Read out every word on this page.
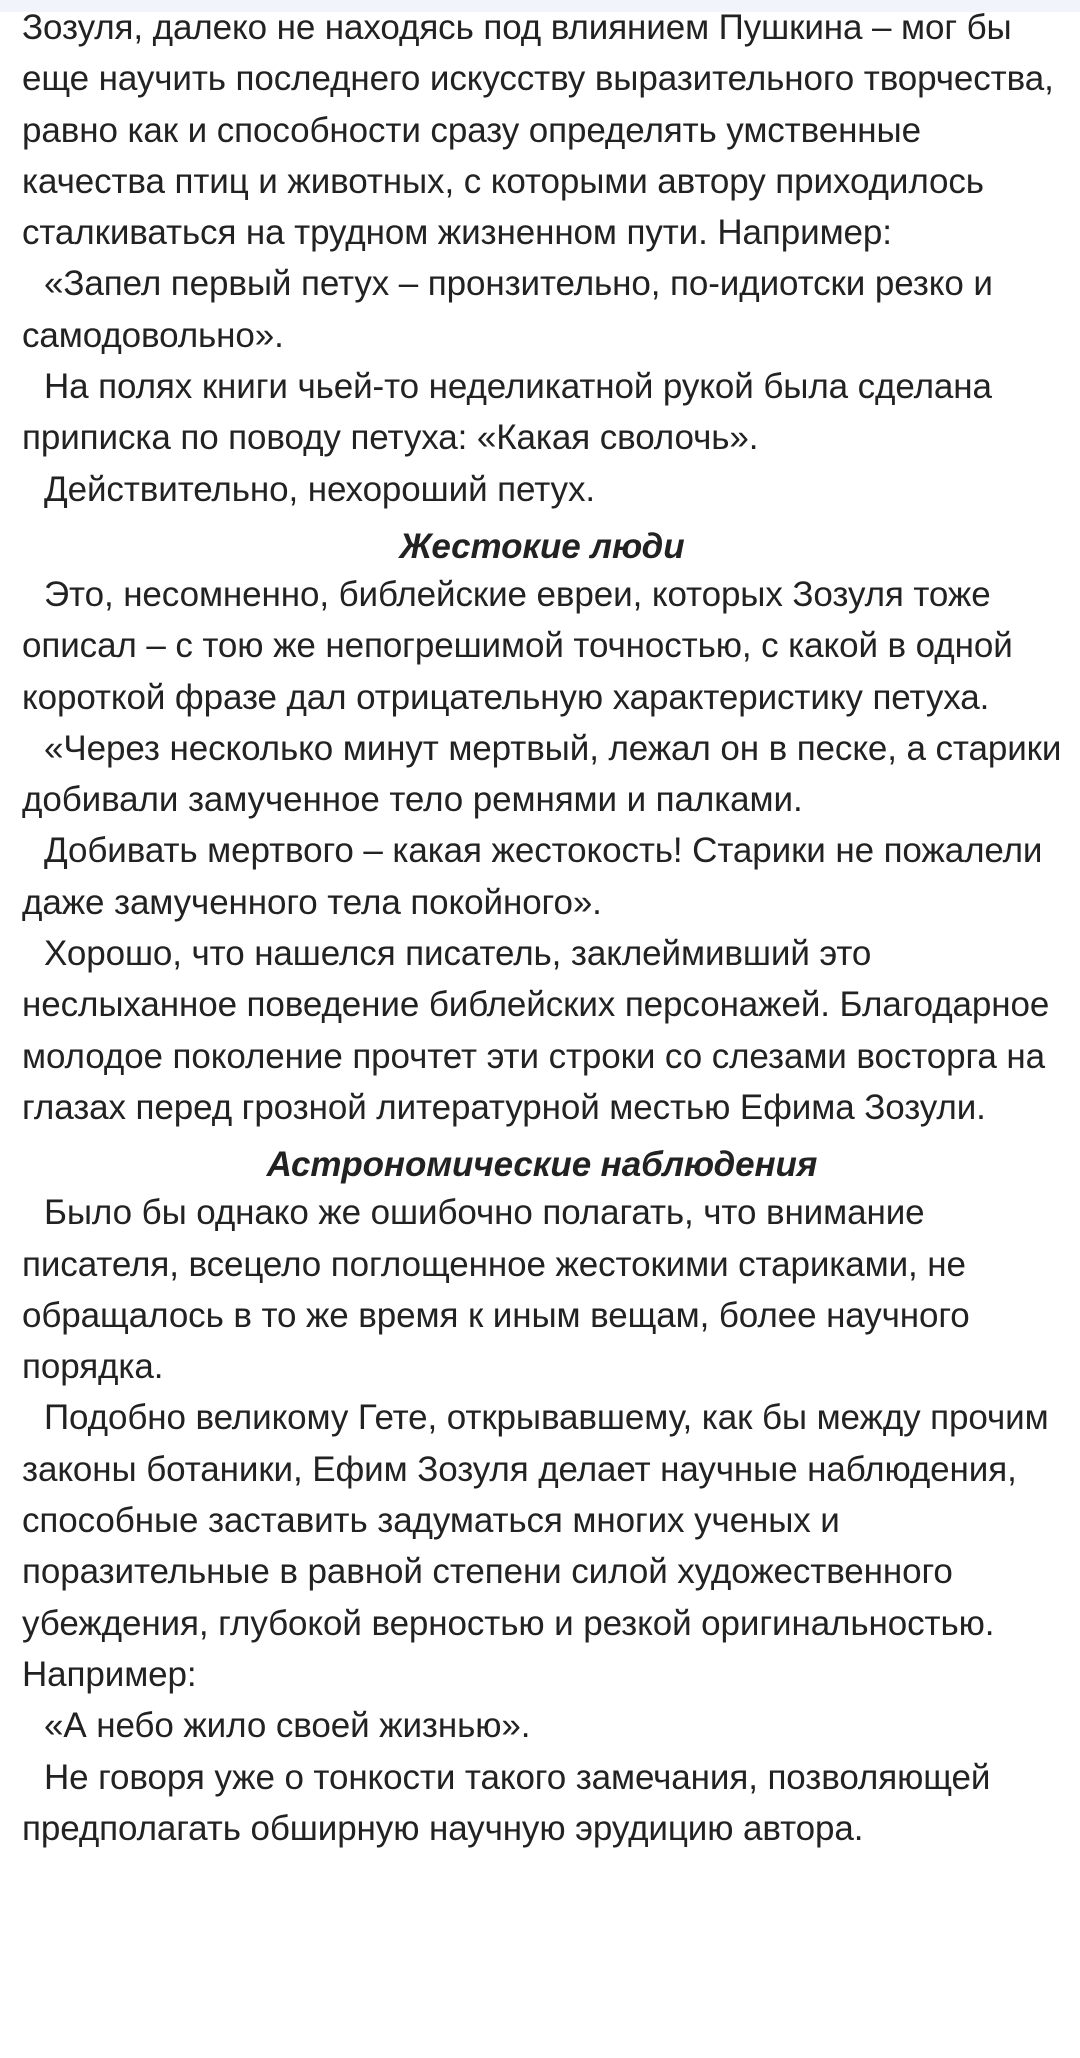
Зозуля, далеко не находясь под влиянием Пушкина – мог бы еще научить последнего искусству выразительного творчества, равно как и способности сразу определять умственные качества птиц и животных, с которыми автору приходилось сталкиваться на трудном жизненном пути. Например:

«Запел первый петух – пронзительно, по-идиотски резко и самодовольно».

На полях книги чьей-то неделикатной рукой была сделана приписка по поводу петуха: «Какая сволочь».

Действительно, нехороший петух.

Жестокие люди

Это, несомненно, библейские евреи, которых Зозуля тоже описал – с тою же непогрешимой точностью, с какой в одной короткой фразе дал отрицательную характеристику петуха.

«Через несколько минут мертвый, лежал он в песке, а старики добивали замученное тело ремнями и палками.

Добивать мертвого – какая жестокость! Старики не пожалели даже замученного тела покойного».

Хорошо, что нашелся писатель, заклеймивший это неслыханное поведение библейских персонажей. Благодарное молодое поколение прочтет эти строки со слезами восторга на глазах перед грозной литературной местью Ефима Зозули.

Астрономические наблюдения

Было бы однако же ошибочно полагать, что внимание писателя, всецело поглощенное жестокими стариками, не обращалось в то же время к иным вещам, более научного порядка.

Подобно великому Гете, открывавшему, как бы между прочим законы ботаники, Ефим Зозуля делает научные наблюдения, способные заставить задуматься многих ученых и поразительные в равной степени силой художественного убеждения, глубокой верностью и резкой оригинальностью. Например:

«А небо жило своей жизнью».

Не говоря уже о тонкости такого замечания, позволяющей предполагать обширную научную эрудицию автора.
